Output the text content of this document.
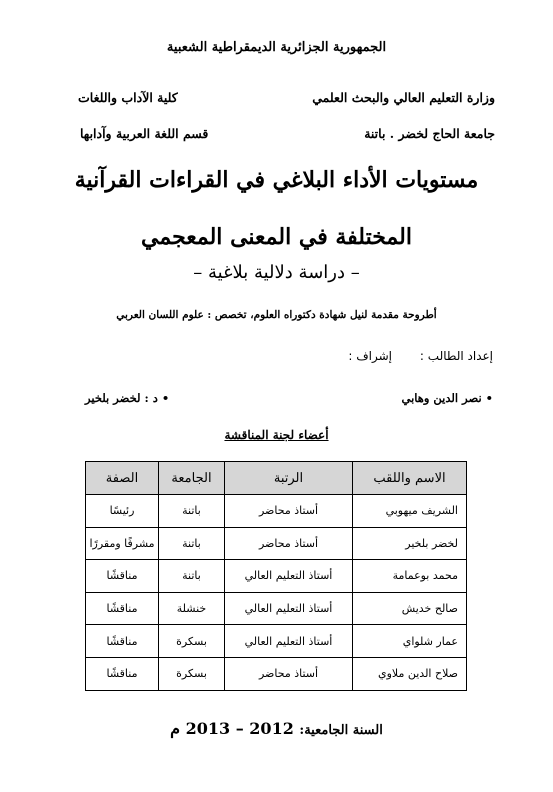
الجمهورية الجزائرية الديمقراطية الشعبية
وزارة التعليم العالي والبحث العلمي
كلية الآداب واللغات
جامعة الحاج لخضر . باتنة
قسم اللغة العربية وآدابها
مستويات الأداء البلاغي في القراءات القرآنية
المختلفة في المعنى المعجمي
– دراسة دلالية بلاغية –
أطروحة مقدمة لنيل شهادة دكتوراه العلوم، تخصص : علوم اللسان العربي
إعداد الطالب :
إشراف :
• نصر الدين وهابي
• د : لخضر بلخير
أعضاء لجنة المناقشة
الاسم واللقب	الرتبة	الجامعة	الصفة
الشريف ميهوبي	أستاذ محاضر	باتنة	رئيسًا
لخضر بلخير	أستاذ محاضر	باتنة	مشرفًا ومقررًا
محمد بوعمامة	أستاذ التعليم العالي	باتنة	مناقشًا
صالح خديش	أستاذ التعليم العالي	خنشلة	مناقشًا
عمار شلواي	أستاذ التعليم العالي	بسكرة	مناقشًا
صلاح الدين ملاوي	أستاذ محاضر	بسكرة	مناقشًا
السنة الجامعية: 2012 – 2013 م
